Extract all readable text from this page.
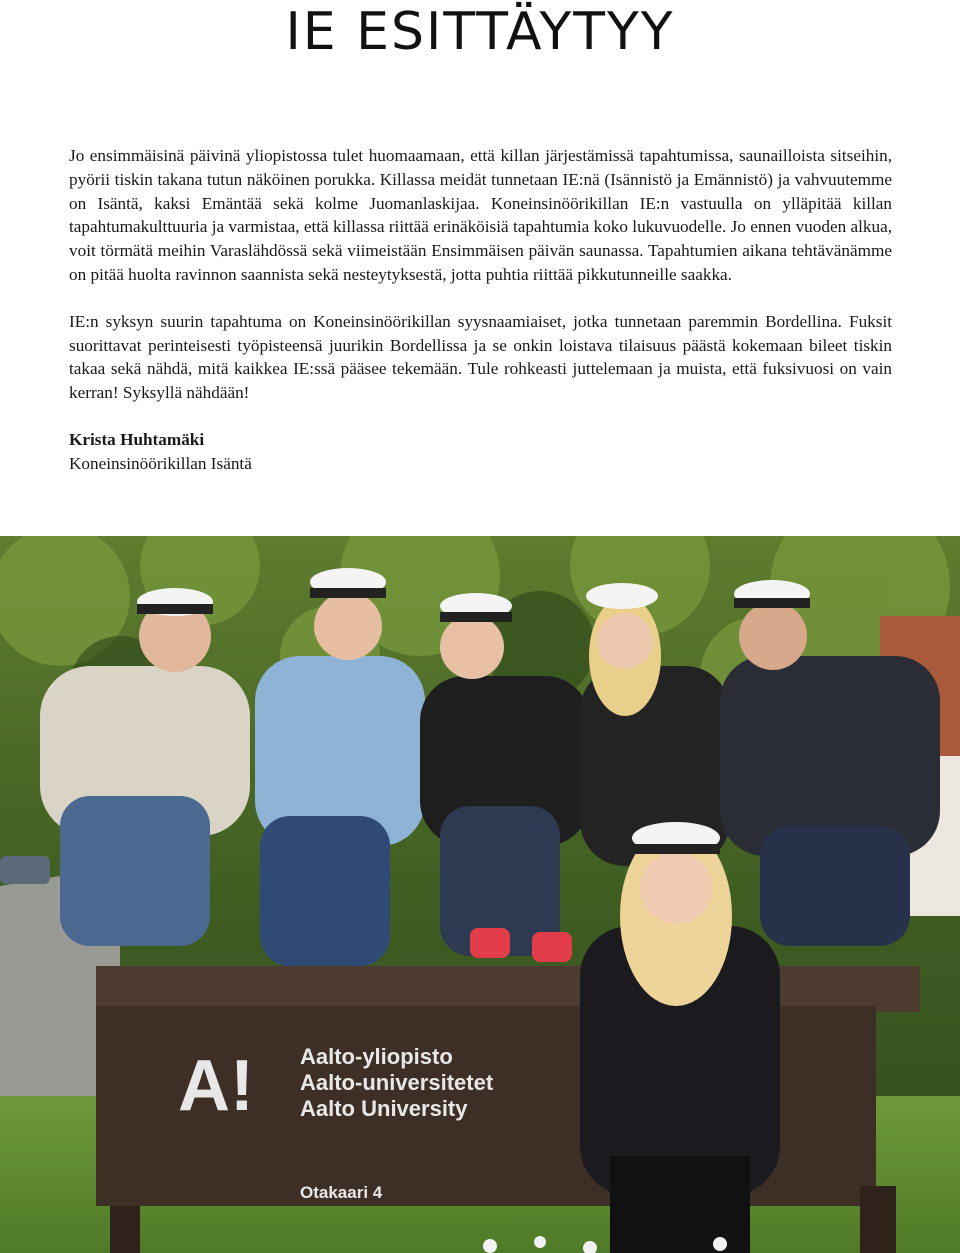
IE ESITTÄYTYY

Jo ensimmäisinä päivinä yliopistossa tulet huomaamaan, että killan järjestämissä tapahtumissa, saunailloista sitseihin, pyörii tiskin takana tutun näköinen porukka. Killassa meidät tunnetaan IE:nä (Isännistö ja Emännistö) ja vahvuutemme on Isäntä, kaksi Emäntää sekä kolme Juomanlaskijaa. Koneinsinöörikillan IE:n vastuulla on ylläpitää killan tapahtumakulttuuria ja varmistaa, että killassa riittää erinäköisiä tapahtumia koko lukuvuodelle. Jo ennen vuoden alkua, voit törmätä meihin Varaslähdössä sekä viimeistään Ensimmäisen päivän saunassa. Tapahtumien aikana tehtävänämme on pitää huolta ravinnon saannista sekä nesteytyksestä, jotta puhtia riittää pikkutunneille saakka.

IE:n syksyn suurin tapahtuma on Koneinsinöörikillan syysnaamiaiset, jotka tunnetaan paremmin Bordellina. Fuksit suorittavat perinteisesti työpisteensä juurikin Bordellissa ja se onkin loistava tilaisuus päästä kokemaan bileet tiskin takaa sekä nähdä, mitä kaikkea IE:ssä pääsee tekemään. Tule rohkeasti juttelemaan ja muista, että fuksivuosi on vain kerran! Syksyllä nähdään!

Krista Huhtamäki
Koneinsinöörikillan Isäntä
A! Aalto-yliopisto
Aalto-universitetet
Aalto University
Otakaari 4
